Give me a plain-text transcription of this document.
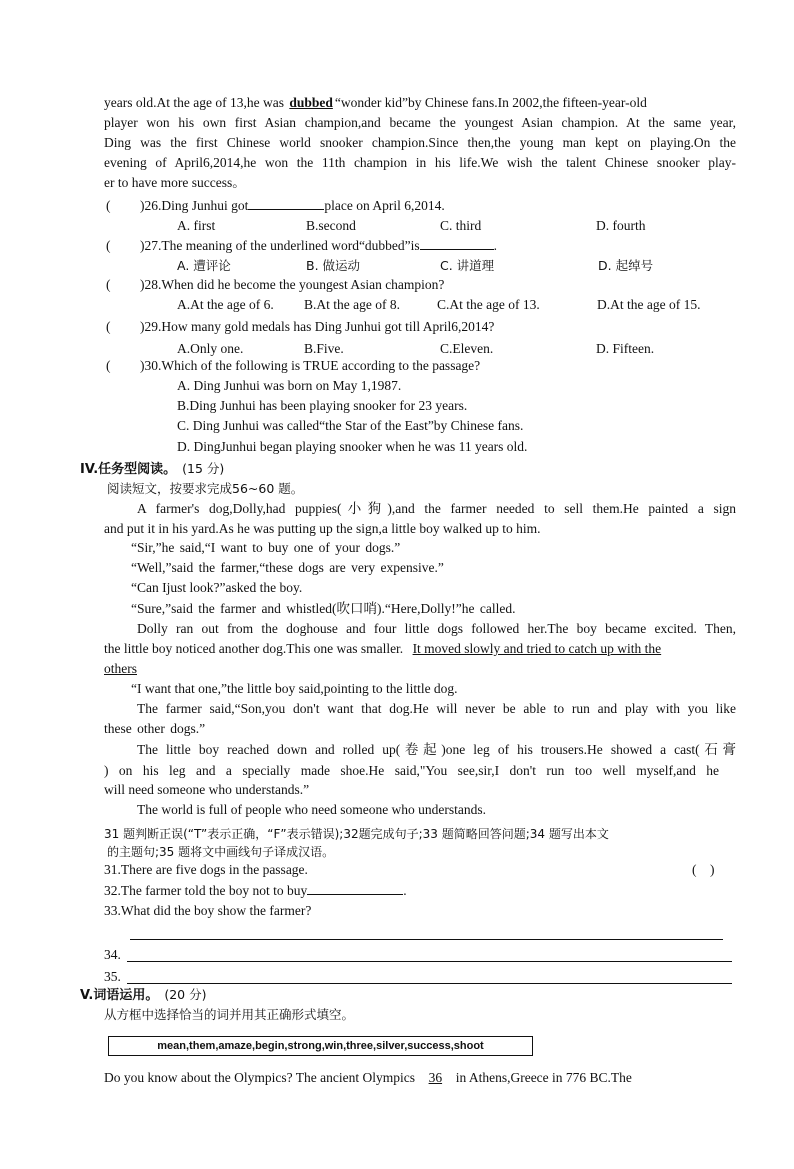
years old.At the age of 13,he was dubbed “wonder kid”by Chinese fans.In 2002,the fifteen-year-old
player won his own first Asian champion,and became the youngest Asian champion. At the same year,
Ding was the first Chinese world snooker champion.Since then,the young man kept on playing.On the
evening of April6,2014,he won the 11th champion in his life.We wish the talent Chinese snooker play-
er to have more success。
( )26.Ding Junhui got	place on April 6,2014.
A. first	B.second	C. third	D. fourth
( )27.The meaning of the underlined word“dubbed”is	.
A. 遭评论	B. 做运动	C. 讲道理	D. 起绰号
( )28.When did he become the youngest Asian champion?
A.At the age of 6. B.At the age of 8.	C.At the age of 13.	D.At the age of 15.
( )29.How many gold medals has Ding Junhui got till April6,2014?
A.Only one.	B.Five.	C.Eleven.	D. Fifteen.
( )30.Which of the following is TRUE according to the passage?
A. Ding Junhui was born on May 1,1987.
B.Ding Junhui has been playing snooker for 23 years.
C. Ding Junhui was called“the Star of the East”by Chinese fans.
D. DingJunhui began playing snooker when he was 11 years old.
IV.任务型阅读。 (15 分)
阅读短文，按要求完成56~60 题。
A farmer's dog,Dolly,had puppies(小狗),and the farmer needed to sell them.He painted a sign
and put it in his yard.As he was putting up the sign,a little boy walked up to him.
“Sir,”he said,“I want to buy one of your dogs.”
“Well,”said the farmer,“these dogs are very expensive.”
“Can Ijust look?”asked the boy.
“Sure,”said the farmer and whistled(吹口哨).“Here,Dolly!”he called.
Dolly ran out from the doghouse and four little dogs followed her.The boy became excited. Then,
the little boy noticed another dog.This one was smaller. It moved slowly and tried to catch up with the
others
“I want that one,”the little boy said,pointing to the little dog.
The farmer said,“Son,you don't want that dog.He will never be able to run and play with you like
these other dogs.”
The little boy reached down and rolled up(卷起)one leg of his trousers.He showed a cast(石膏
) on his leg and a specially made shoe.He said,"You see,sir,I don't run too well myself,and he
will need someone who understands.”
The world is full of people who need someone who understands.
31 题判断正误(“T”表示正确，“F”表示错误);32题完成句子;33 题简略回答问题;34 题写出本文
的主题句;35 题将文中画线句子译成汉语。
31.There are five dogs in the passage.	(    )
32.The farmer told the boy not to buy	.
33.What did the boy show the farmer?
34.
35.
V.词语运用。 (20 分)
从方框中选择恰当的词并用其正确形式填空。
mean,them,amaze,begin,strong,win,three,silver,success,shoot
Do you know about the Olympics? The ancient Olympics 36 in Athens,Greece in 776 BC.The
